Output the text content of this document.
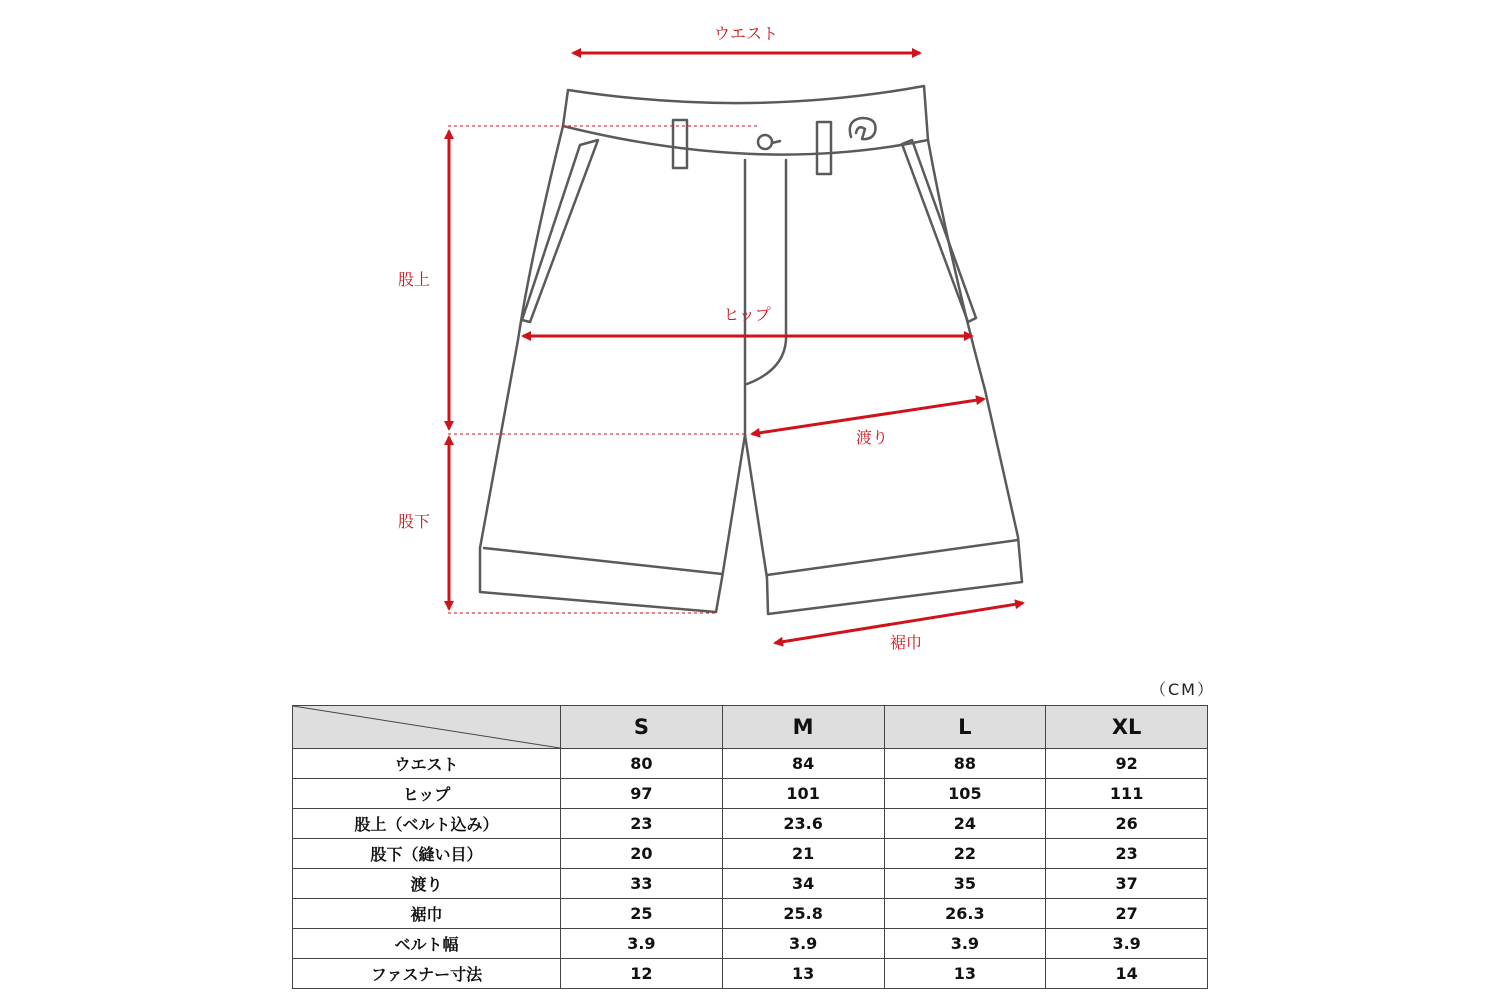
ウエスト
股上
ヒップ
渡り
股下
裾巾
（CM）
	S	M	L	XL
ウエスト	80	84	88	92
ヒップ	97	101	105	111
股上（ベルト込み）	23	23.6	24	26
股下（縫い目）	20	21	22	23
渡り	33	34	35	37
裾巾	25	25.8	26.3	27
ベルト幅	3.9	3.9	3.9	3.9
ファスナー寸法	12	13	13	14
